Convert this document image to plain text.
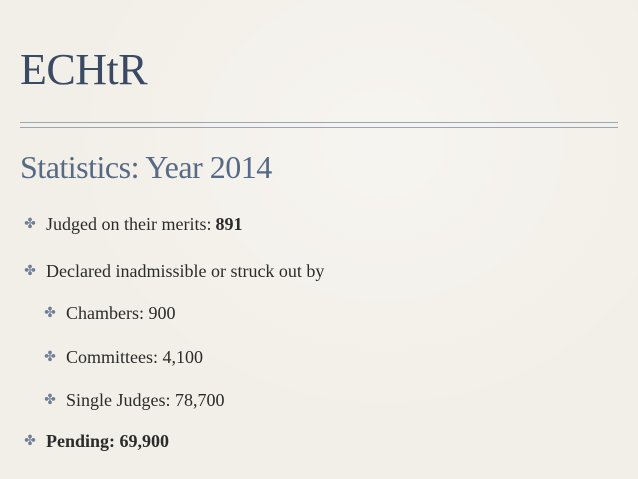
ECHtR
Statistics: Year 2014
✤ Judged on their merits: 891
✤ Declared inadmissible or struck out by
✤ Chambers: 900
✤ Committees: 4,100
✤ Single Judges: 78,700
✤ Pending: 69,900
